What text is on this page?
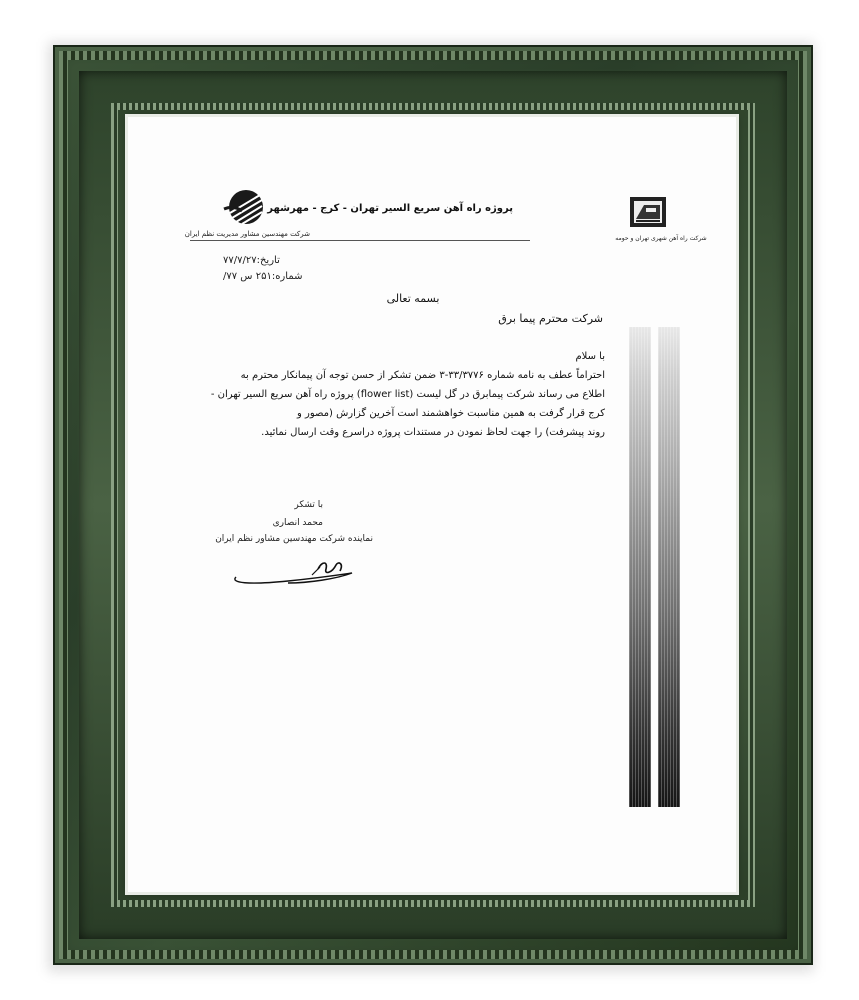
شرکت مهندسین مشاور مدیریت نظم ایران
پروژه راه آهن سریع السیر تهران - کرج - مهرشهر
شرکت راه آهن شهری تهران و حومه
تاریخ:۷۷/۷/۲۷
شماره:۲۵۱ س ۷۷/
بسمه تعالی
شرکت محترم پیما برق
با سلام
احتراماً عطف به نامه شماره ۳۳/۳۷۷۶-۳ ضمن تشکر از حسن توجه آن پیمانکار محترم به
اطلاع می رساند شرکت پیمابرق در گل لیست (flower list) پروژه راه آهن سریع السیر تهران -
کرج قرار گرفت به همین مناسبت خواهشمند است آخرین گزارش (مصور و
روند پیشرفت) را جهت لحاظ نمودن در مستندات پروژه دراسرع وقت ارسال نمائید.
با تشکر
محمد انصاری
نماینده شرکت مهندسین مشاور نظم ایران
